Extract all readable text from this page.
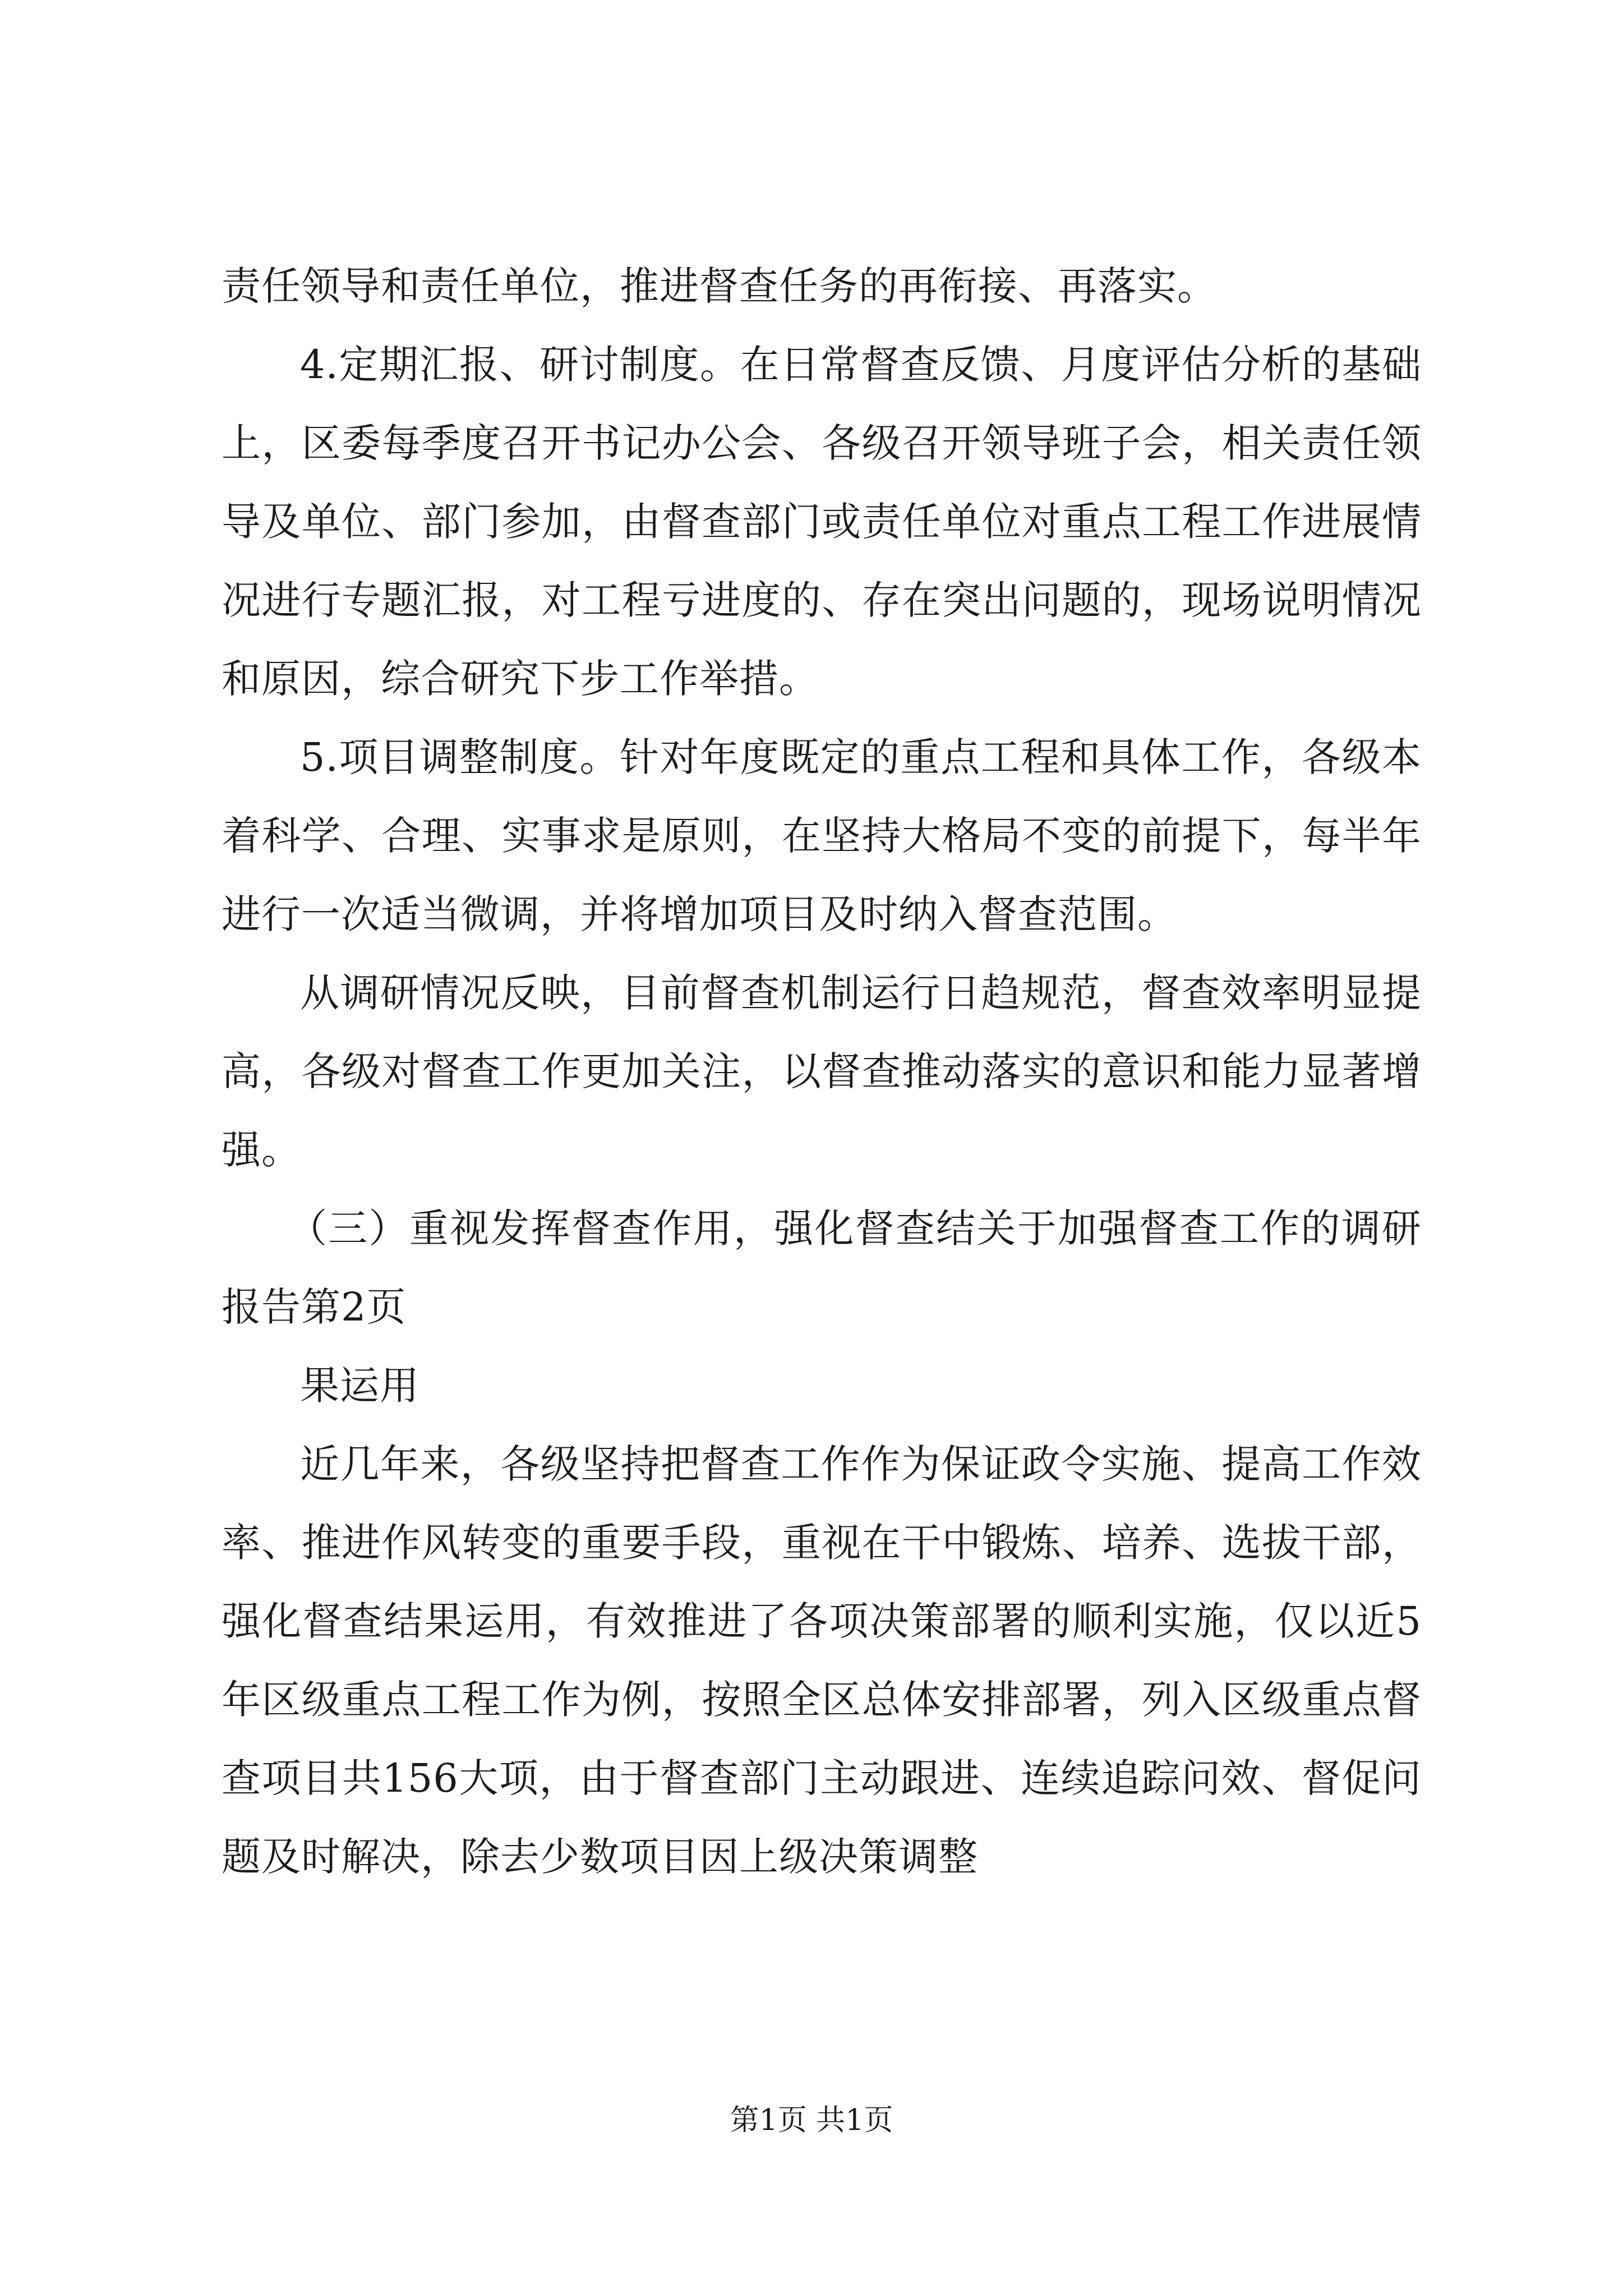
责任领导和责任单位，推进督查任务的再衔接、再落实。

4.定期汇报、研讨制度。在日常督查反馈、月度评估分析的基础上，区委每季度召开书记办公会、各级召开领导班子会，相关责任领导及单位、部门参加，由督查部门或责任单位对重点工程工作进展情况进行专题汇报，对工程亏进度的、存在突出问题的，现场说明情况和原因，综合研究下步工作举措。

5.项目调整制度。针对年度既定的重点工程和具体工作，各级本着科学、合理、实事求是原则，在坚持大格局不变的前提下，每半年进行一次适当微调，并将增加项目及时纳入督查范围。

从调研情况反映，目前督查机制运行日趋规范，督查效率明显提高，各级对督查工作更加关注，以督查推动落实的意识和能力显著增强。

（三）重视发挥督查作用，强化督查结关于加强督查工作的调研报告第2页

果运用

近几年来，各级坚持把督查工作作为保证政令实施、提高工作效率、推进作风转变的重要手段，重视在干中锻炼、培养、选拔干部，强化督查结果运用，有效推进了各项决策部署的顺利实施，仅以近5年区级重点工程工作为例，按照全区总体安排部署，列入区级重点督查项目共156大项，由于督查部门主动跟进、连续追踪问效、督促问题及时解决，除去少数项目因上级决策调整

第1页 共1页
